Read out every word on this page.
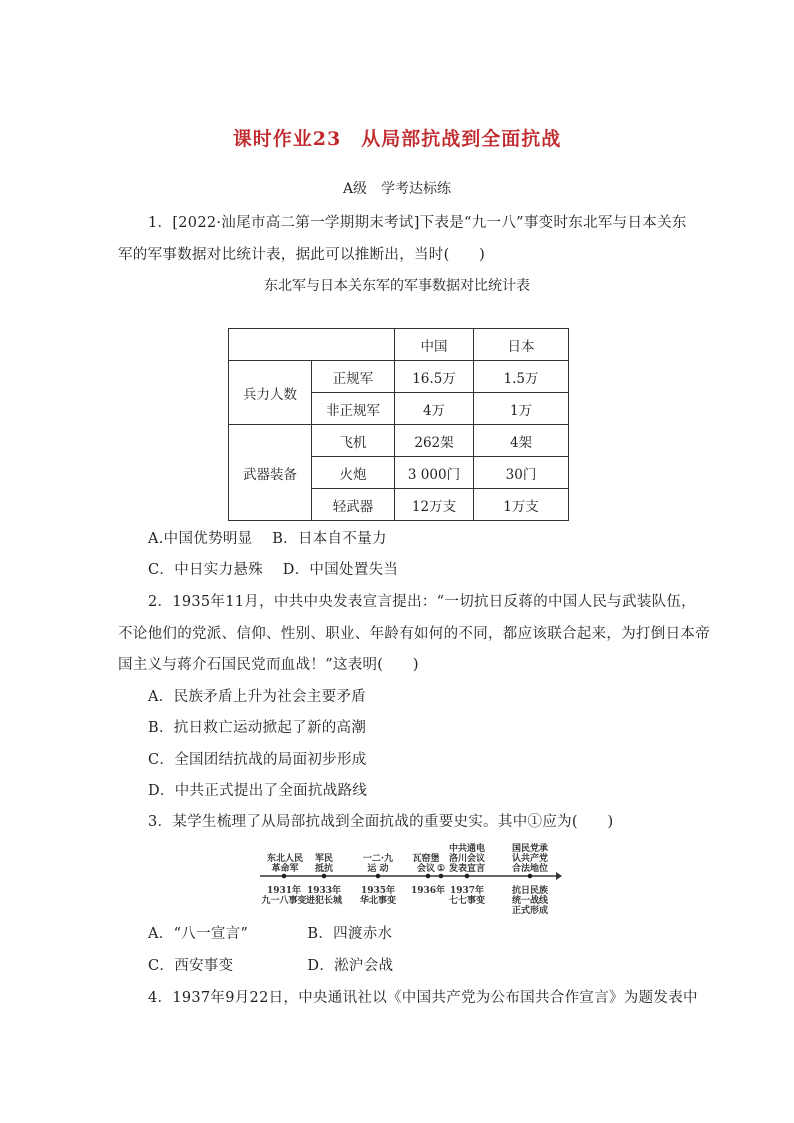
课时作业23　从局部抗战到全面抗战
A级　学考达标练
1．[2022·汕尾市高二第一学期期末考试]下表是“九一八”事变时东北军与日本关东
军的军事数据对比统计表，据此可以推断出，当时(　　)
东北军与日本关东军的军事数据对比统计表
		中国	日本
兵力人数	正规军	16.5万	1.5万
	非正规军	4万	1万
武器装备	飞机	262架	4架
	火炮	3 000门	30门
	轻武器	12万支	1万支
A.中国优势明显　 B．日本自不量力
C．中日实力悬殊　 D．中国处置失当
2．1935年11月，中共中央发表宣言提出：“一切抗日反蒋的中国人民与武装队伍，
不论他们的党派、信仰、性别、职业、年龄有如何的不同，都应该联合起来，为打倒日本帝
国主义与蒋介石国民党而血战！”这表明(　　)
A．民族矛盾上升为社会主要矛盾
B．抗日救亡运动掀起了新的高潮
C．全国团结抗战的局面初步形成
D．中共正式提出了全面抗战路线
3．某学生梳理了从局部抗战到全面抗战的重要史实。其中①应为(　　)
东北人民
革命军
军民
抵抗
一二·九
运 动
瓦窑堡
会议
中共通电
洛川会议
发表宣言
国民党承
认共产党
合法地位
①
1931年
九一八事变
1933年
进犯长城
1935年
华北事变
1936年 1937年
七七事变
抗日民族
统一战线
正式形成
A．“八一宣言”　　　　B．四渡赤水
C．西安事变　　　　　D．淞沪会战
4．1937年9月22日，中央通讯社以《中国共产党为公布国共合作宣言》为题发表中
